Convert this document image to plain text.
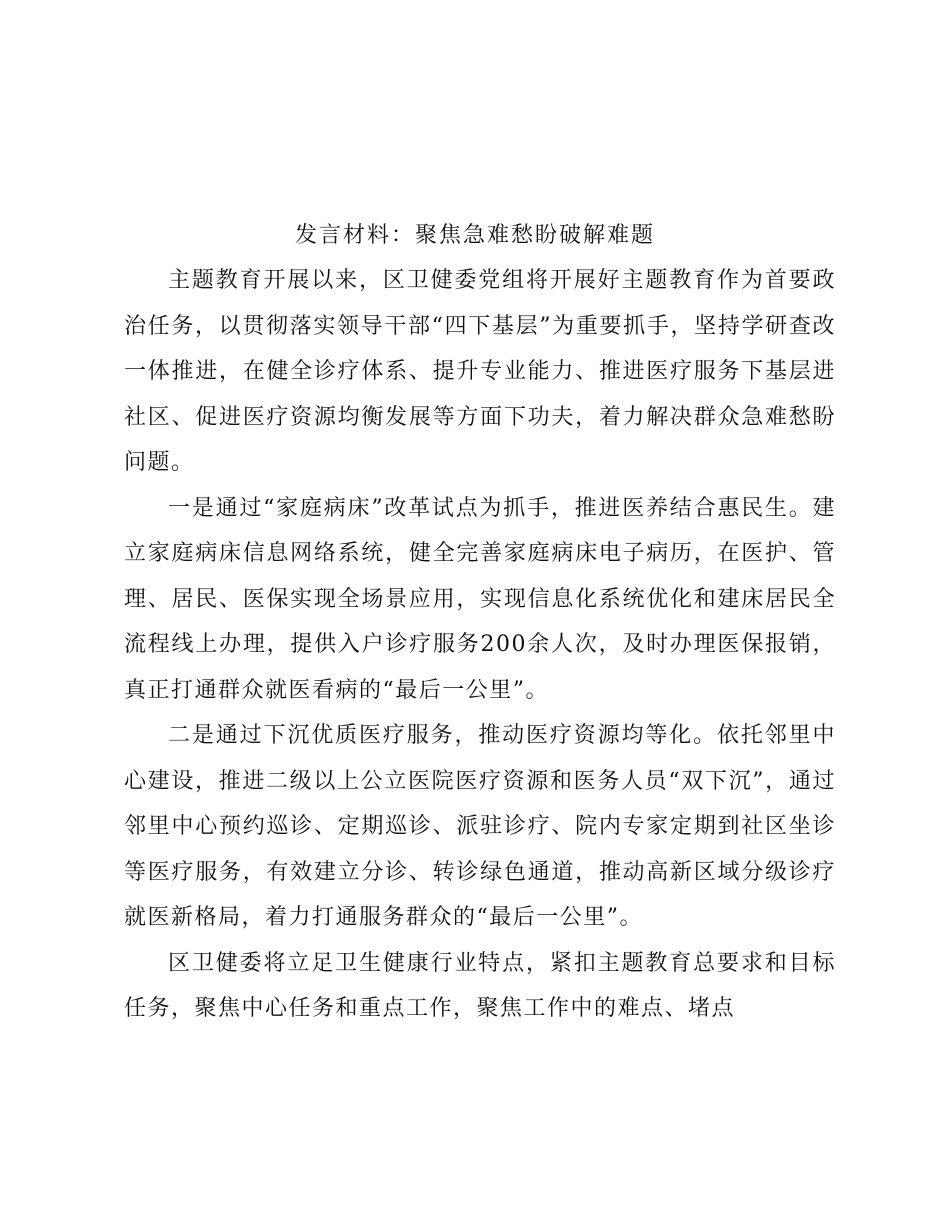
发言材料：聚焦急难愁盼破解难题

主题教育开展以来，区卫健委党组将开展好主题教育作为首要政治任务，以贯彻落实领导干部“四下基层”为重要抓手，坚持学研查改一体推进，在健全诊疗体系、提升专业能力、推进医疗服务下基层进社区、促进医疗资源均衡发展等方面下功夫，着力解决群众急难愁盼问题。

一是通过“家庭病床”改革试点为抓手，推进医养结合惠民生。建立家庭病床信息网络系统，健全完善家庭病床电子病历，在医护、管理、居民、医保实现全场景应用，实现信息化系统优化和建床居民全流程线上办理，提供入户诊疗服务200余人次，及时办理医保报销，真正打通群众就医看病的“最后一公里”。

二是通过下沉优质医疗服务，推动医疗资源均等化。依托邻里中心建设，推进二级以上公立医院医疗资源和医务人员“双下沉”，通过邻里中心预约巡诊、定期巡诊、派驻诊疗、院内专家定期到社区坐诊等医疗服务，有效建立分诊、转诊绿色通道，推动高新区域分级诊疗就医新格局，着力打通服务群众的“最后一公里”。

区卫健委将立足卫生健康行业特点，紧扣主题教育总要求和目标任务，聚焦中心任务和重点工作，聚焦工作中的难点、堵点
